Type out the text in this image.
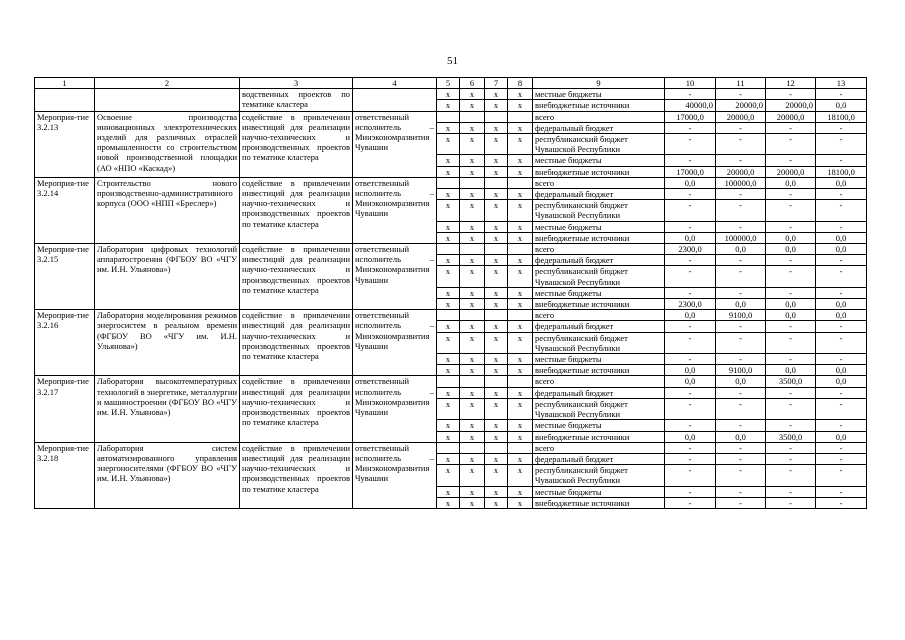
51
1	2	3	4	5	6	7	8	9	10	11	12	13
		водственных проектов по тематике кластера		x	x	x	x	местные бюджеты	-	-	-	-
				x	x	x	x	внебюджетные источники	40000,0	20000,0	20000,0	0,0
Мероприя-тие 3.2.13	Освоение производства инновационных электротехнических изделий для различных отраслей промышленности со строительством новой производственной площадки (АО «НПО «Каскад»)	содействие в привлечении инвестиций для реализации научно-технических и производственных проектов по тематике кластера	ответственный исполнитель – Минэкономразвития Чувашии					всего	17000,0	20000,0	20000,0	18100,0
				x	x	x	x	федеральный бюджет	-	-	-	-
				x	x	x	x	республиканский бюджет Чувашской Республики	-	-	-	-
				x	x	x	x	местные бюджеты	-	-	-	-
				x	x	x	x	внебюджетные источники	17000,0	20000,0	20000,0	18100,0
Мероприя-тие 3.2.14	Строительство нового производственно-административного корпуса (ООО «НПП «Бреслер»)	содействие в привлечении инвестиций для реализации научно-технических и производственных проектов по тематике кластера	ответственный исполнитель – Минэкономразвития Чувашии					всего	0,0	100000,0	0,0	0,0
				x	x	x	x	федеральный бюджет	-	-	-	-
				x	x	x	x	республиканский бюджет Чувашской Республики	-	-	-	-
				x	x	x	x	местные бюджеты	-	-	-	-
				x	x	x	x	внебюджетные источники	0,0	100000,0	0,0	0,0
Мероприя-тие 3.2.15	Лаборатория цифровых технологий аппаратостроения (ФГБОУ ВО «ЧГУ им. И.Н. Ульянова»)	содействие в привлечении инвестиций для реализации научно-технических и производственных проектов по тематике кластера	ответственный исполнитель – Минэкономразвития Чувашии					всего	2300,0	0,0	0,0	0,0
				x	x	x	x	федеральный бюджет	-	-	-	-
				x	x	x	x	республиканский бюджет Чувашской Республики	-	-	-	-
				x	x	x	x	местные бюджеты	-	-	-	-
				x	x	x	x	внебюджетные источники	2300,0	0,0	0,0	0,0
Мероприя-тие 3.2.16	Лаборатория моделирования режимов энергосистем в реальном времени (ФГБОУ ВО «ЧГУ им. И.Н. Ульянова»)	содействие в привлечении инвестиций для реализации научно-технических и производственных проектов по тематике кластера	ответственный исполнитель – Минэкономразвития Чувашии					всего	0,0	9100,0	0,0	0,0
				x	x	x	x	федеральный бюджет	-	-	-	-
				x	x	x	x	республиканский бюджет Чувашской Республики	-	-	-	-
				x	x	x	x	местные бюджеты	-	-	-	-
				x	x	x	x	внебюджетные источники	0,0	9100,0	0,0	0,0
Мероприя-тие 3.2.17	Лаборатория высокотемпературных технологий в энергетике, металлургии и машиностроении (ФГБОУ ВО «ЧГУ им. И.Н. Ульянова»)	содействие в привлечении инвестиций для реализации научно-технических и производственных проектов по тематике кластера	ответственный исполнитель – Минэкономразвития Чувашии					всего	0,0	0,0	3500,0	0,0
				x	x	x	x	федеральный бюджет	-	-	-	-
				x	x	x	x	республиканский бюджет Чувашской Республики	-	-	-	-
				x	x	x	x	местные бюджеты	-	-	-	-
				x	x	x	x	внебюджетные источники	0,0	0,0	3500,0	0,0
Мероприя-тие 3.2.18	Лаборатория систем автоматизированного управления энергоносителями (ФГБОУ ВО «ЧГУ им. И.Н. Ульянова»)	содействие в привлечении инвестиций для реализации научно-технических и производственных проектов по тематике кластера	ответственный исполнитель – Минэкономразвития Чувашии					всего	-	-	-	-
				x	x	x	x	федеральный бюджет	-	-	-	-
				x	x	x	x	республиканский бюджет Чувашской Республики	-	-	-	-
				x	x	x	x	местные бюджеты	-	-	-	-
				x	x	x	x	внебюджетные источники	-	-	-	-
